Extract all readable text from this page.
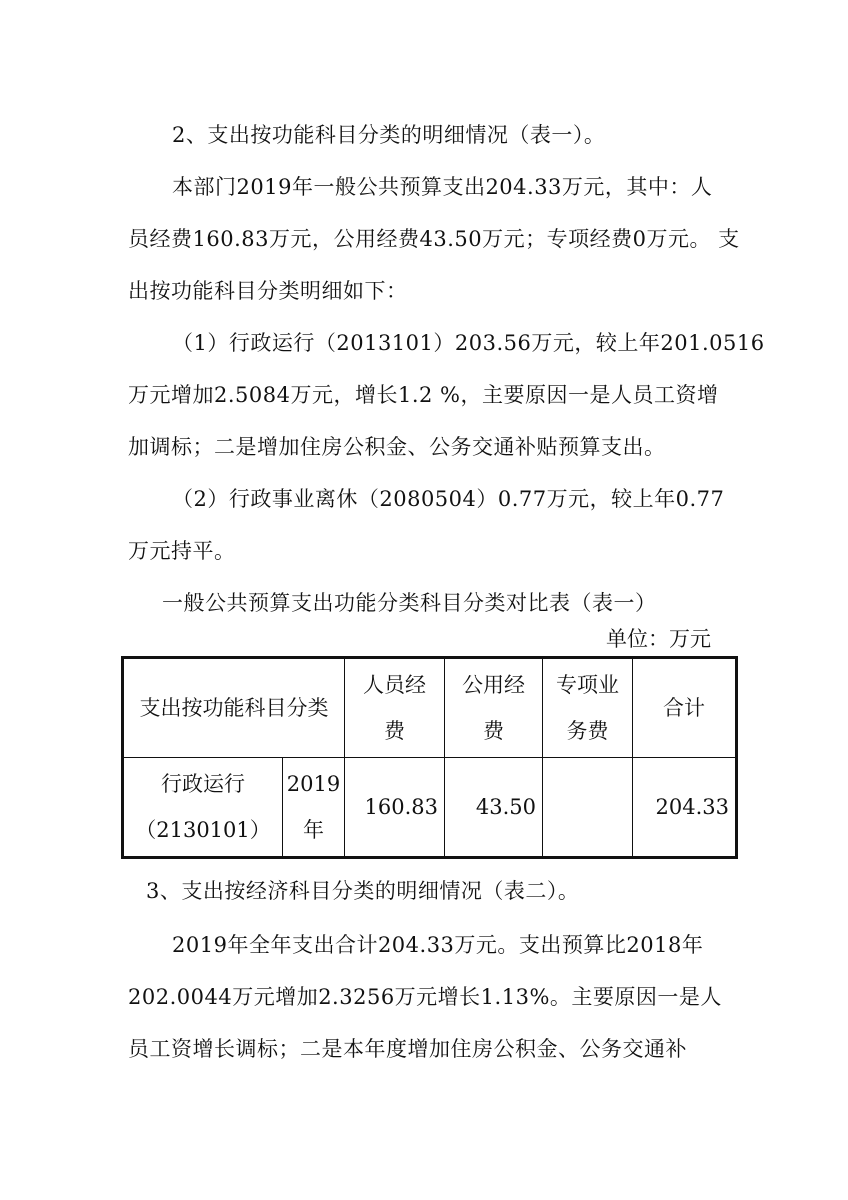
2、支出按功能科目分类的明细情况（表一）。
本部门2019年一般公共预算支出204.33万元，其中：人
员经费160.83万元，公用经费43.50万元；专项经费0万元。 支
出按功能科目分类明细如下：
（1）行政运行（2013101）203.56万元，较上年201.0516
万元增加2.5084万元，增长1.2 %，主要原因一是人员工资增
加调标；二是增加住房公积金、公务交通补贴预算支出。
（2）行政事业离休（2080504）0.77万元，较上年0.77
万元持平。
一般公共预算支出功能分类科目分类对比表（表一）
单位：万元
支出按功能科目分类		人员经
费	公用经
费	专项业
务费	合计

行政运行
（2130101）	2019
年	160.83	43.50		204.33
3、支出按经济科目分类的明细情况（表二）。
2019年全年支出合计204.33万元。支出预算比2018年
202.0044万元增加2.3256万元增长1.13%。主要原因一是人
员工资增长调标；二是本年度增加住房公积金、公务交通补
